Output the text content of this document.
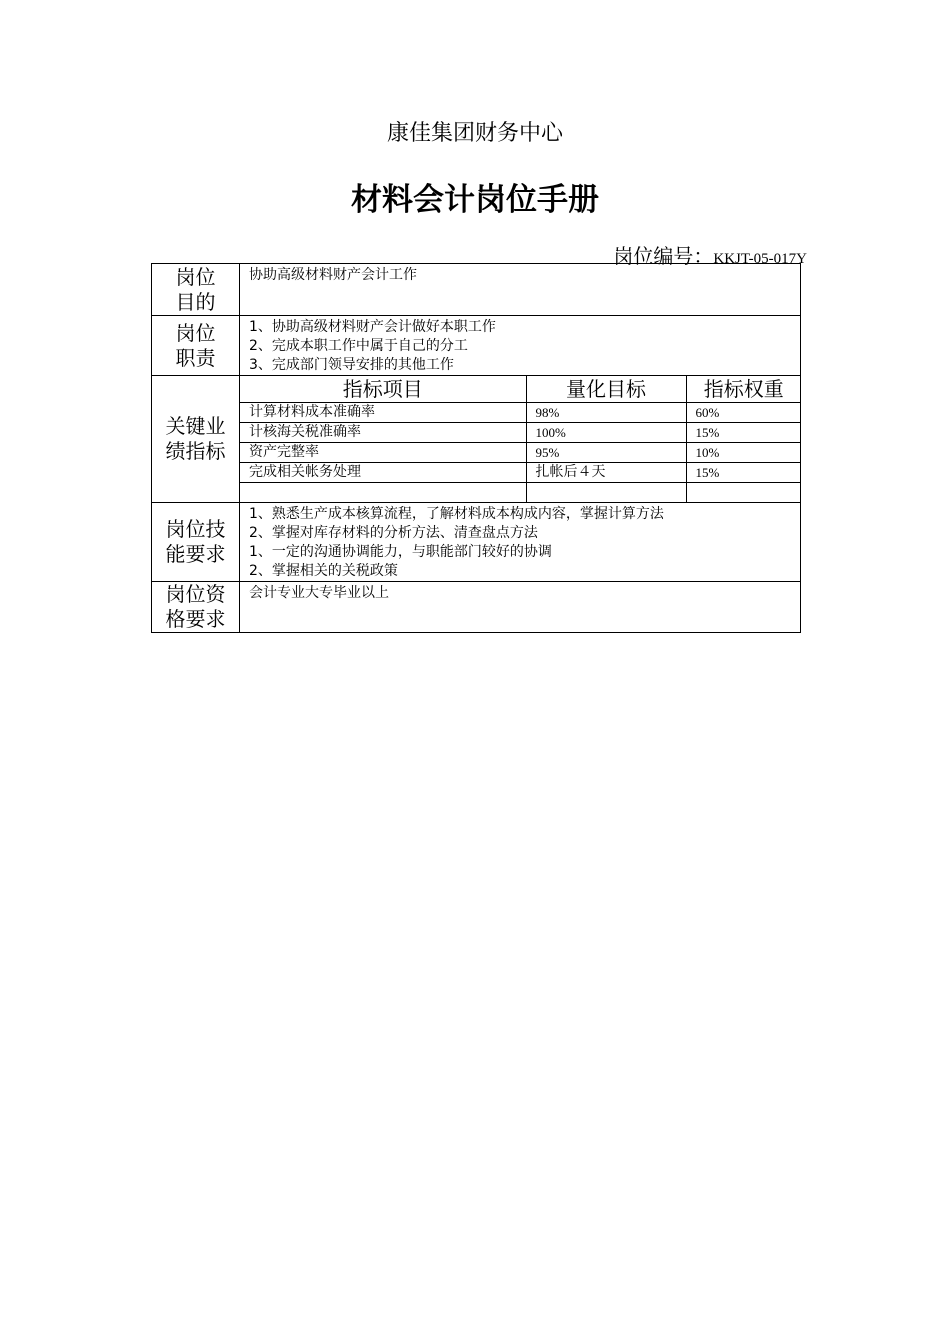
康佳集团财务中心
材料会计岗位手册
岗位编号：KKJT-05-017Y
岗位
目的

协助高级材料财产会计工作

岗位
职责

1、协助高级材料财产会计做好本职工作
2、完成本职工作中属于自己的分工
3、完成部门领导安排的其他工作

关键业
绩指标

指标项目	量化目标	指标权重
计算材料成本准确率	98%	60%
计核海关税准确率	100%	15%
资产完整率	95%	10%
完成相关帐务处理	扎帐后４天	15%

岗位技
能要求

1、熟悉生产成本核算流程，了解材料成本构成内容，掌握计算方法
2、掌握对库存材料的分析方法、清查盘点方法
1、一定的沟通协调能力，与职能部门较好的协调
2、掌握相关的关税政策

岗位资
格要求

会计专业大专毕业以上
